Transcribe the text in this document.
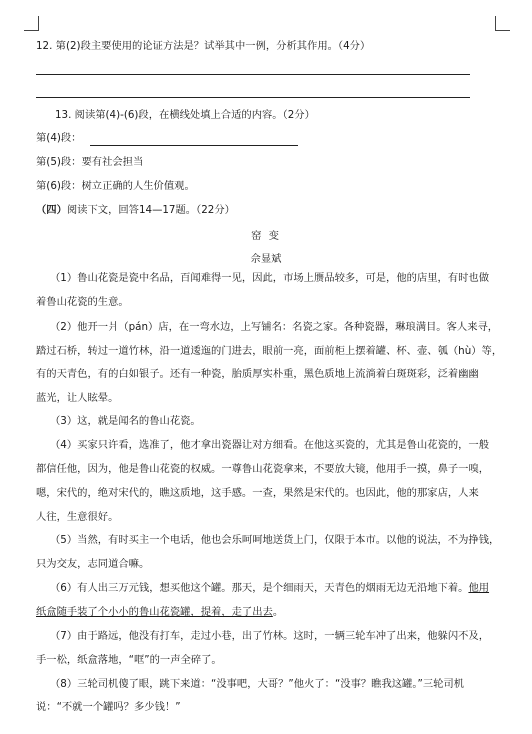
12. 第(2)段主要使用的论证方法是？试举其中一例，分析其作用。（4分）
13. 阅读第(4)-(6)段，在横线处填上合适的内容。（2分）
第(4)段：
第(5)段：要有社会担当
第(6)段：树立正确的人生价值观。
（四）阅读下文，回答14—17题。（22分）
窑 变
佘显斌
（1）鲁山花瓷是瓷中名品，百闻难得一见，因此，市场上赝品较多，可是，他的店里，有时也做
着鲁山花瓷的生意。
（2）他开一爿（pán）店，在一弯水边，上写铺名：名瓷之家。各种瓷器，琳琅满目。客人来寻，
踏过石桥，转过一道竹林，沿一道逶迤的门进去，眼前一亮，面前柜上摆着罐、杯、壶、瓠（hù）等，
有的天青色，有的白如银子。还有一种瓷，胎质厚实朴重，黑色质地上流淌着白斑斑彩，泛着幽幽
蓝光，让人眩晕。
（3）这，就是闻名的鲁山花瓷。
（4）买家只许看，选准了，他才拿出瓷器让对方细看。在他这买瓷的，尤其是鲁山花瓷的，一般
都信任他，因为，他是鲁山花瓷的权威。一尊鲁山花瓷拿来，不要放大镜，他用手一摸，鼻子一嗅，
嗯，宋代的，绝对宋代的，瞧这质地，这手感。一查，果然是宋代的。也因此，他的那家店，人来
人往，生意很好。
（5）当然，有时买主一个电话，他也会乐呵呵地送货上门，仅限于本市。以他的说法，不为挣钱，
只为交友，志同道合嘛。
（6）有人出三万元钱，想买他这个罐。那天，是个细雨天，天青色的烟雨无边无沿地下着。他用
纸盒随手装了个小小的鲁山花瓷罐，提着，走了出去。
（7）由于路远，他没有打车，走过小巷，出了竹林。这时，一辆三轮车冲了出来，他躲闪不及，
手一松，纸盒落地，“哐”的一声全碎了。
（8）三轮司机傻了眼，跳下来道：“没事吧，大哥？”他火了：“没事？瞧我这罐。”三轮司机
说：“不就一个罐吗？多少钱！”
